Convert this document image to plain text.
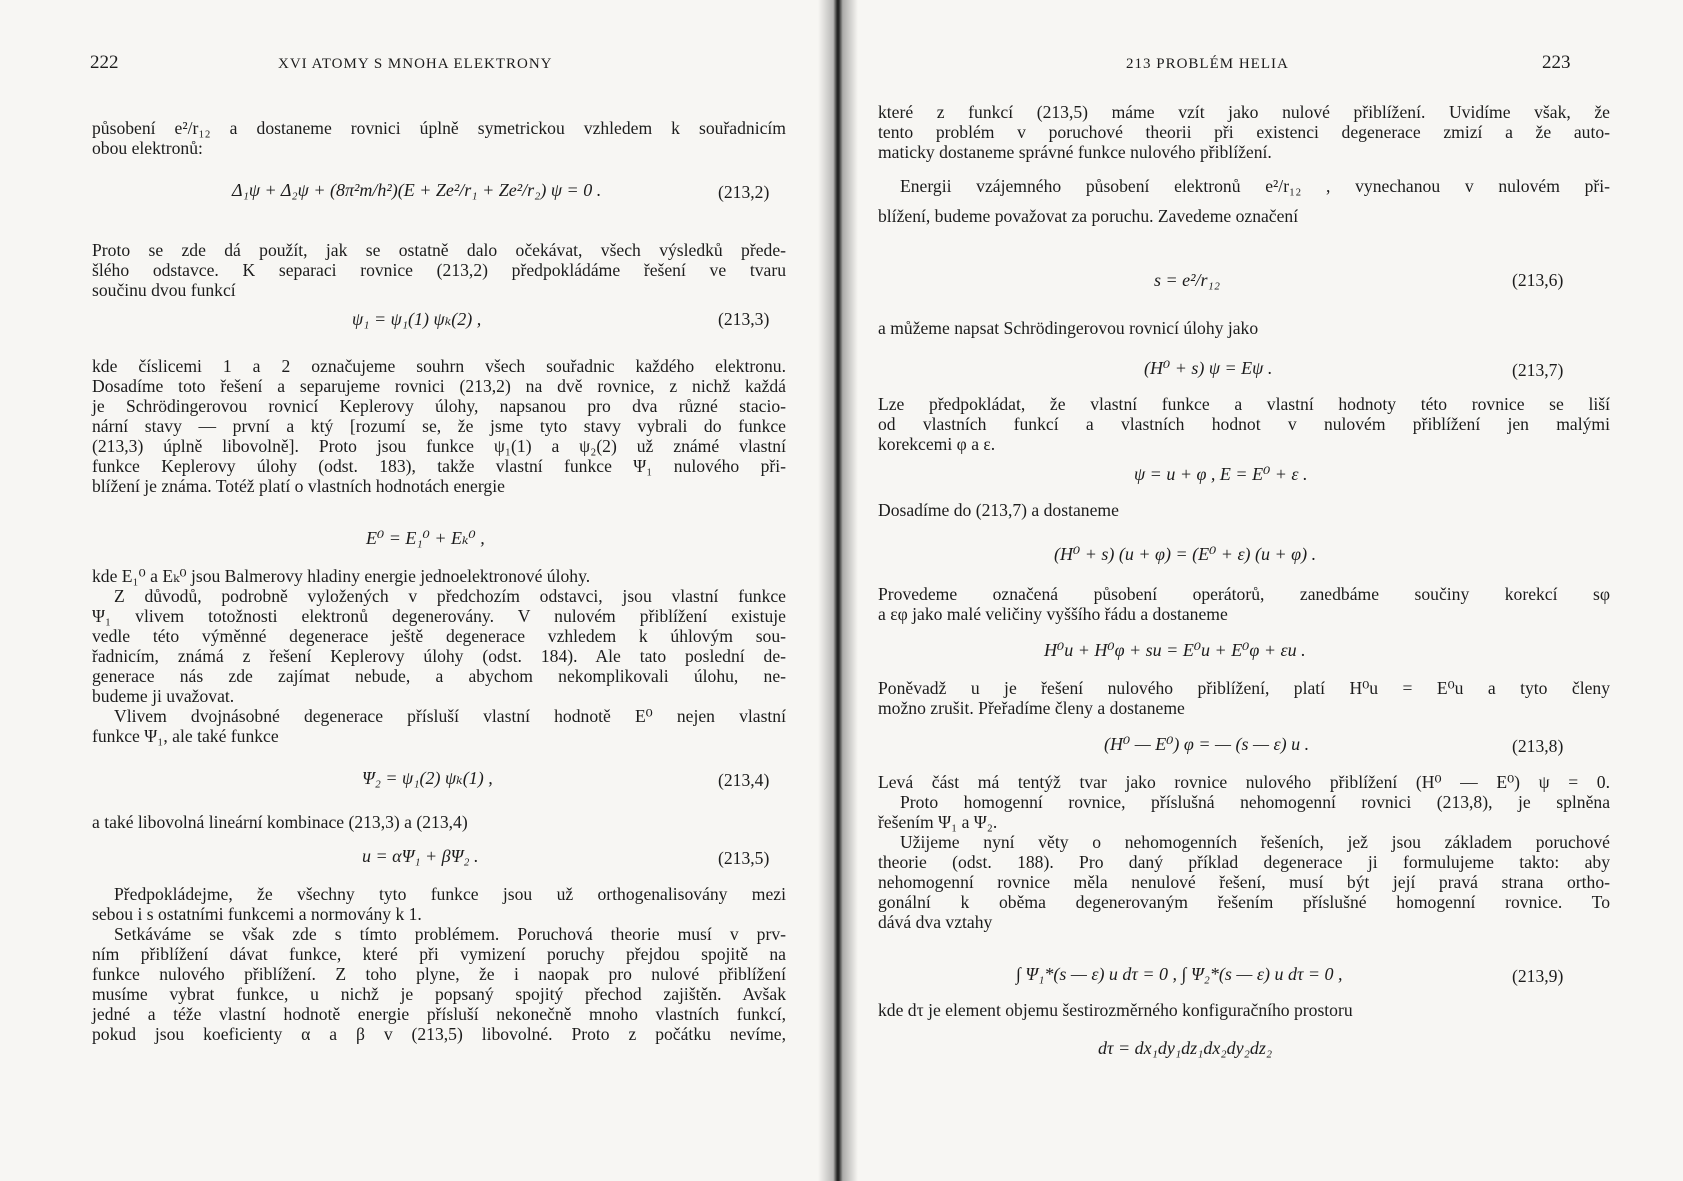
222	XVI ATOMY S MNOHA ELEKTRONY
působení e²/r₁₂ a dostaneme rovnici úplně symetrickou vzhledem k souřadnicím
obou elektronů:
Δ₁ψ + Δ₂ψ + (8π²m/h²)(E + Ze²/r₁ + Ze²/r₂) ψ = 0 .	(213,2)
Proto se zde dá použít, jak se ostatně dalo očekávat, všech výsledků přede-
šlého odstavce. K separaci rovnice (213,2) předpokládáme řešení ve tvaru
součinu dvou funkcí
ψ₁ = ψ₁(1) ψₖ(2) ,	(213,3)
kde číslicemi 1 a 2 označujeme souhrn všech souřadnic každého elektronu.
Dosadíme toto řešení a separujeme rovnici (213,2) na dvě rovnice, z nichž každá
je Schrödingerovou rovnicí Keplerovy úlohy, napsanou pro dva různé stacio-
nární stavy — první a ktý [rozumí se, že jsme tyto stavy vybrali do funkce
(213,3) úplně libovolně]. Proto jsou funkce ψ₁(1) a ψ₂(2) už známé vlastní
funkce Keplerovy úlohy (odst. 183), takže vlastní funkce Ψ₁ nulového při-
blížení je známa. Totéž platí o vlastních hodnotách energie
E⁰ = E₁⁰ + Eₖ⁰ ,
kde E₁⁰ a Eₖ⁰ jsou Balmerovy hladiny energie jednoelektronové úlohy.
Z důvodů, podrobně vyložených v předchozím odstavci, jsou vlastní funkce
Ψ₁ vlivem totožnosti elektronů degenerovány. V nulovém přiblížení existuje
vedle této výměnné degenerace ještě degenerace vzhledem k úhlovým sou-
řadnicím, známá z řešení Keplerovy úlohy (odst. 184). Ale tato poslední de-
generace nás zde zajímat nebude, a abychom nekomplikovali úlohu, ne-
budeme ji uvažovat.
Vlivem dvojnásobné degenerace přísluší vlastní hodnotě E⁰ nejen vlastní
funkce Ψ₁, ale také funkce
Ψ₂ = ψ₁(2) ψₖ(1) ,	(213,4)
a také libovolná lineární kombinace (213,3) a (213,4)
u = αΨ₁ + βΨ₂ .	(213,5)
Předpokládejme, že všechny tyto funkce jsou už orthogenalisovány mezi
sebou i s ostatními funkcemi a normovány k 1.
Setkáváme se však zde s tímto problémem. Poruchová theorie musí v prv-
ním přiblížení dávat funkce, které při vymizení poruchy přejdou spojitě na
funkce nulového přiblížení. Z toho plyne, že i naopak pro nulové přiblížení
musíme vybrat funkce, u nichž je popsaný spojitý přechod zajištěn. Avšak
jedné a téže vlastní hodnotě energie přísluší nekonečně mnoho vlastních funkcí,
pokud jsou koeficienty α a β v (213,5) libovolné. Proto z počátku nevíme,
213 PROBLÉM HELIA	223
které z funkcí (213,5) máme vzít jako nulové přiblížení. Uvidíme však, že
tento problém v poruchové theorii při existenci degenerace zmizí a že auto-
maticky dostaneme správné funkce nulového přiblížení.
Energii vzájemného působení elektronů e²/r₁₂ , vynechanou v nulovém při-
blížení, budeme považovat za poruchu. Zavedeme označení
s = e²/r₁₂	(213,6)
a můžeme napsat Schrödingerovou rovnicí úlohy jako
(H⁰ + s) ψ = Eψ .	(213,7)
Lze předpokládat, že vlastní funkce a vlastní hodnoty této rovnice se liší
od vlastních funkcí a vlastních hodnot v nulovém přiblížení jen malými
korekcemi φ a ε.
ψ = u + φ , E = E⁰ + ε .
Dosadíme do (213,7) a dostaneme
(H⁰ + s) (u + φ) = (E⁰ + ε) (u + φ) .
Provedeme označená působení operátorů, zanedbáme součiny korekcí sφ
a εφ jako malé veličiny vyššího řádu a dostaneme
H⁰u + H⁰φ + su = E⁰u + E⁰φ + εu .
Poněvadž u je řešení nulového přiblížení, platí H⁰u = E⁰u a tyto členy
možno zrušit. Přeřadíme členy a dostaneme
(H⁰ — E⁰) φ = — (s — ε) u .	(213,8)
Levá část má tentýž tvar jako rovnice nulového přiblížení (H⁰ — E⁰) ψ = 0.
Proto homogenní rovnice, příslušná nehomogenní rovnici (213,8), je splněna
řešením Ψ₁ a Ψ₂.
Užijeme nyní věty o nehomogenních řešeních, jež jsou základem poruchové
theorie (odst. 188). Pro daný příklad degenerace ji formulujeme takto: aby
nehomogenní rovnice měla nenulové řešení, musí být její pravá strana ortho-
gonální k oběma degenerovaným řešením příslušné homogenní rovnice. To
dává dva vztahy
∫ Ψ₁*(s — ε) u dτ = 0 , ∫ Ψ₂*(s — ε) u dτ = 0 ,	(213,9)
kde dτ je element objemu šestirozměrného konfiguračního prostoru
dτ = dx₁dy₁dz₁dx₂dy₂dz₂
